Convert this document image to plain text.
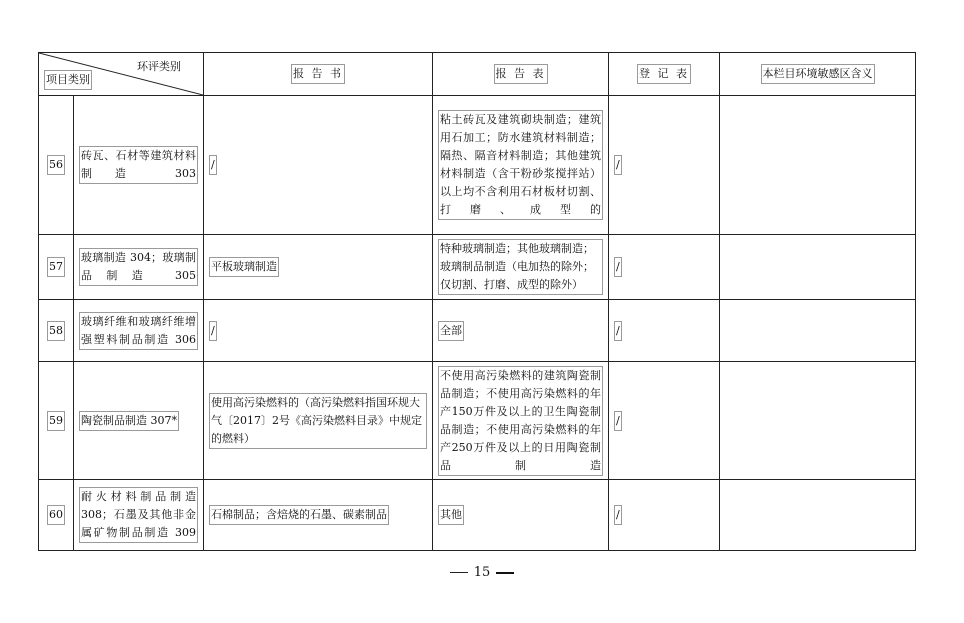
环评类别
项目类别		报 告 书	报 告 表	登 记 表	本栏目环境敏感区含义
56	砖瓦、石材等建筑材料制造 303	/	粘土砖瓦及建筑砌块制造；建筑用石加工；防水建筑材料制造；隔热、隔音材料制造；其他建筑材料制造（含干粉砂浆搅拌站）以上均不含利用石材板材切割、打磨、成型的	/	
57	玻璃制造 304；玻璃制品制造 305	平板玻璃制造	特种玻璃制造；其他玻璃制造；玻璃制品制造（电加热的除外；仅切割、打磨、成型的除外）	/	
58	玻璃纤维和玻璃纤维增强塑料制品制造 306	/	全部	/	
59	陶瓷制品制造 307*	使用高污染燃料的（高污染燃料指国环规大气〔2017〕2号《高污染燃料目录》中规定的燃料）	不使用高污染燃料的建筑陶瓷制品制造；不使用高污染燃料的年产150万件及以上的卫生陶瓷制品制造；不使用高污染燃料的年产250万件及以上的日用陶瓷制品制造	/	
60	耐火材料制品制造 308；石墨及其他非金属矿物制品制造 309	石棉制品；含焙烧的石墨、碳素制品	其他	/	
15
